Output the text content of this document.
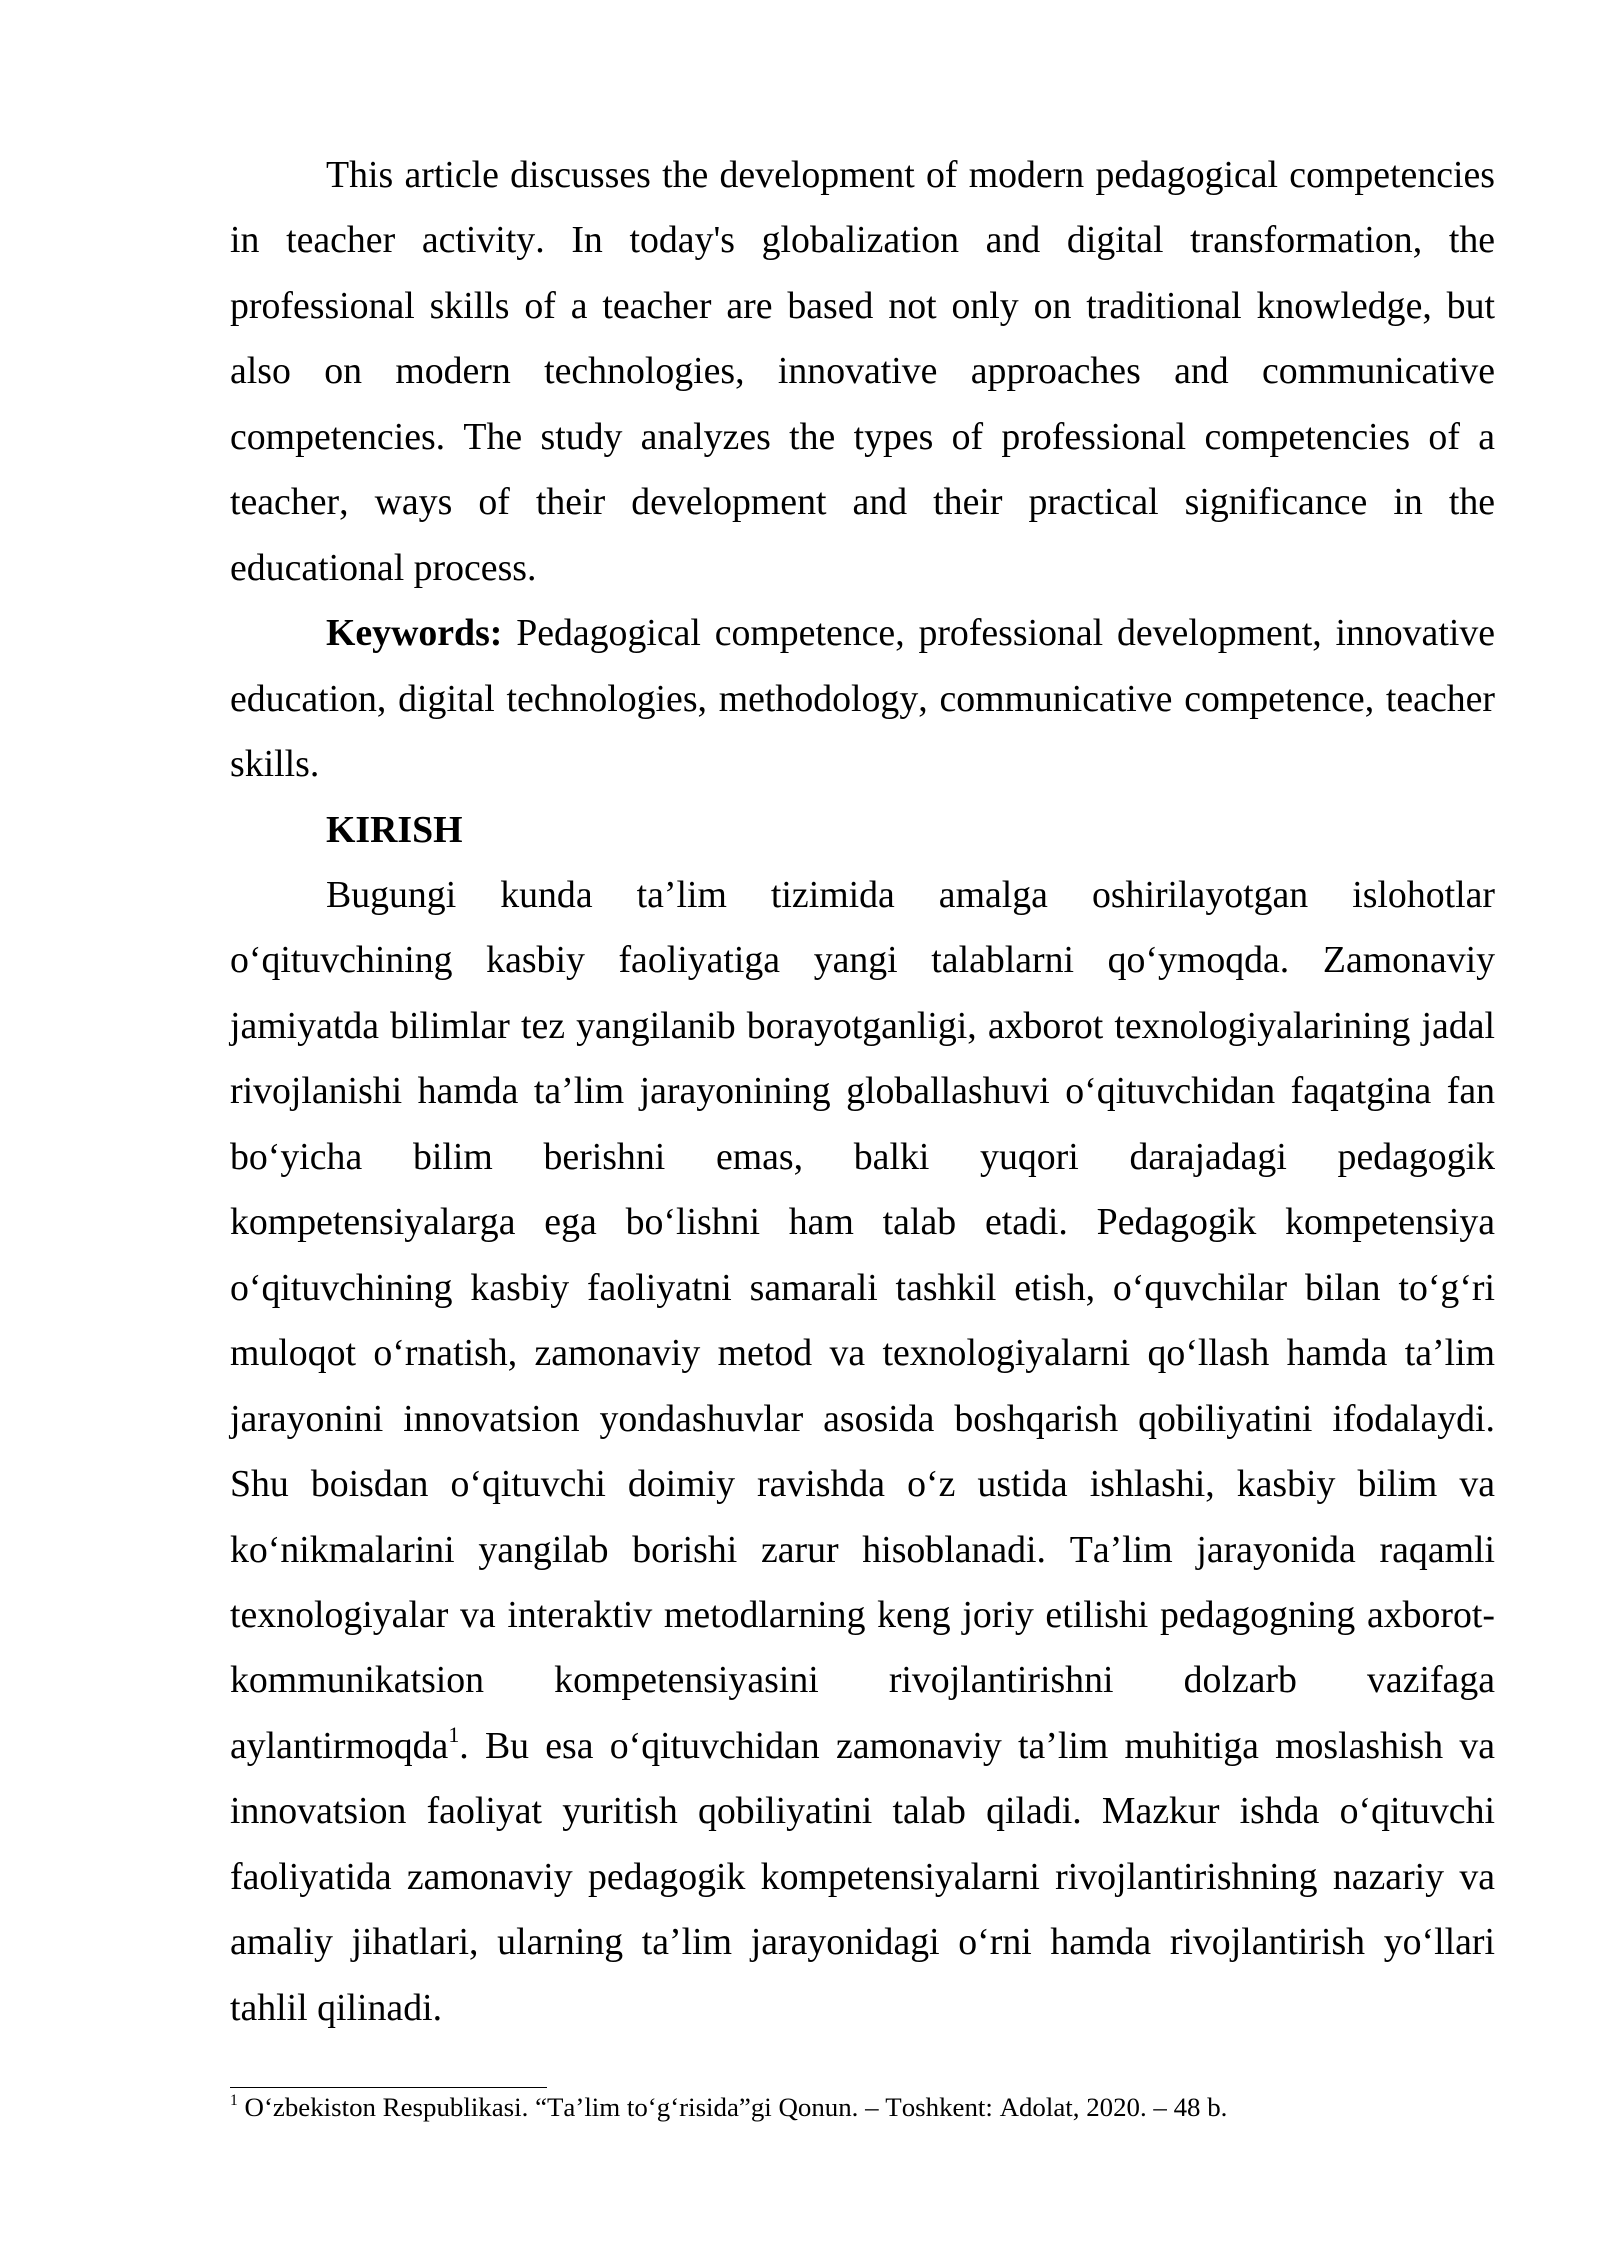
This article discusses the development of modern pedagogical competencies in teacher activity. In today's globalization and digital transformation, the professional skills of a teacher are based not only on traditional knowledge, but also on modern technologies, innovative approaches and communicative competencies. The study analyzes the types of professional competencies of a teacher, ways of their development and their practical significance in the educational process.

Keywords: Pedagogical competence, professional development, innovative education, digital technologies, methodology, communicative competence, teacher skills.

KIRISH

Bugungi kunda ta’lim tizimida amalga oshirilayotgan islohotlar o‘qituvchining kasbiy faoliyatiga yangi talablarni qo‘ymoqda. Zamonaviy jamiyatda bilimlar tez yangilanib borayotganligi, axborot texnologiyalarining jadal rivojlanishi hamda ta’lim jarayonining globallashuvi o‘qituvchidan faqatgina fan bo‘yicha bilim berishni emas, balki yuqori darajadagi pedagogik kompetensiyalarga ega bo‘lishni ham talab etadi. Pedagogik kompetensiya o‘qituvchining kasbiy faoliyatni samarali tashkil etish, o‘quvchilar bilan to‘g‘ri muloqot o‘rnatish, zamonaviy metod va texnologiyalarni qo‘llash hamda ta’lim jarayonini innovatsion yondashuvlar asosida boshqarish qobiliyatini ifodalaydi. Shu boisdan o‘qituvchi doimiy ravishda o‘z ustida ishlashi, kasbiy bilim va ko‘nikmalarini yangilab borishi zarur hisoblanadi. Ta’lim jarayonida raqamli texnologiyalar va interaktiv metodlarning keng joriy etilishi pedagogning axborot-kommunikatsion kompetensiyasini rivojlantirishni dolzarb vazifaga aylantirmoqda$^1$. Bu esa o‘qituvchidan zamonaviy ta’lim muhitiga moslashish va innovatsion faoliyat yuritish qobiliyatini talab qiladi. Mazkur ishda o‘qituvchi faoliyatida zamonaviy pedagogik kompetensiyalarni rivojlantirishning nazariy va amaliy jihatlari, ularning ta’lim jarayonidagi o‘rni hamda rivojlantirish yo‘llari tahlil qilinadi.

$^1$ O‘zbekiston Respublikasi. “Ta’lim to‘g‘risida”gi Qonun. – Toshkent: Adolat, 2020. – 48 b.
